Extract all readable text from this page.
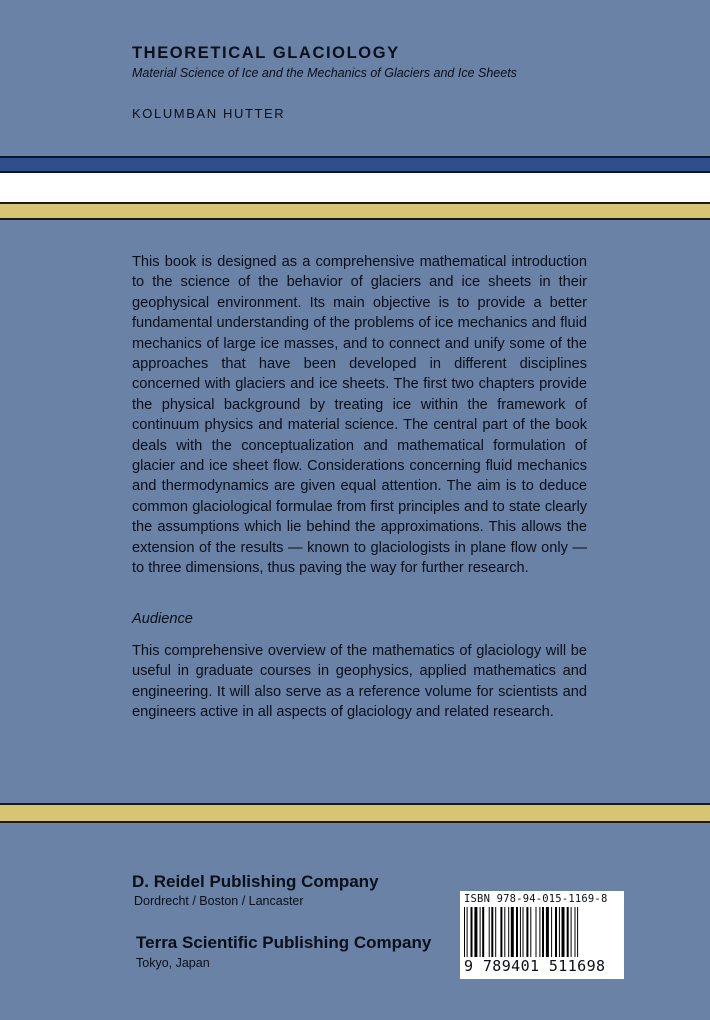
THEORETICAL GLACIOLOGY

Material Science of Ice and the Mechanics of Glaciers and Ice Sheets

KOLUMBAN HUTTER

This book is designed as a comprehensive mathematical introduction to the science of the behavior of glaciers and ice sheets in their geophysical environment. Its main objective is to provide a better fundamental understanding of the problems of ice mechanics and fluid mechanics of large ice masses, and to connect and unify some of the approaches that have been developed in different disciplines concerned with glaciers and ice sheets. The first two chapters provide the physical background by treating ice within the framework of continuum physics and material science. The central part of the book deals with the conceptualization and mathematical formulation of glacier and ice sheet flow. Considerations concerning fluid mechanics and thermodynamics are given equal attention. The aim is to deduce common glaciological formulae from first principles and to state clearly the assumptions which lie behind the approximations. This allows the extension of the results — known to glaciologists in plane flow only — to three dimensions, thus paving the way for further research.

Audience

This comprehensive overview of the mathematics of glaciology will be useful in graduate courses in geophysics, applied mathematics and engineering. It will also serve as a reference volume for scientists and engineers active in all aspects of glaciology and related research.

D. Reidel Publishing Company

Dordrecht / Boston / Lancaster

Terra Scientific Publishing Company

Tokyo, Japan

ISBN 978-94-015-1169-8
9 789401 511698
